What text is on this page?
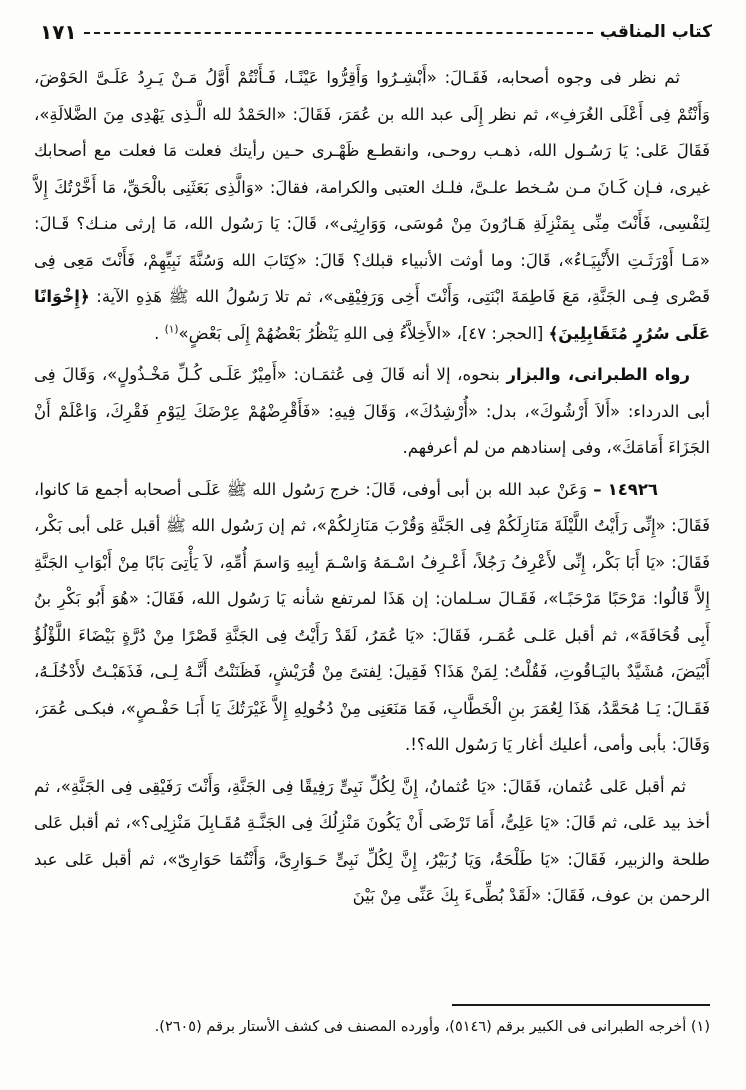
كتاب المناقب
١٧١

ثم نظر فى وجوه أصحابه، فَقَـالَ: «أَبْشِـرُوا وَأَقِرُّوا عَيْنًـا، فَـأَنْتُمْ أَوَّلُ مَـنْ يَـرِدُ عَلَـىَّ الحَوْضَ، وَأَنْتُمْ فِى أَعْلَى الغُرَفِ»، ثم نظر إِلَى عبد الله بن عُمَرَ، فَقَالَ: «الحَمْدُ لله الَّـذِى يَهْدِى مِنَ الضَّلالَةِ»، فَقَالَ عَلى: يَا رَسُـول الله، ذهـب روحـى، وانقطـع ظَهْـرى حـين رأيتك فعلت مَا فعلت مع أصحابك غيرى، فـإن كَـانَ مـن سُـخط علـىَّ، فلـك العتبى والكرامة، فقالَ: «وَالَّذِى بَعَثَنِى بالْحَقِّ، مَا أَخَّرْتُكَ إِلاَّ لِنَفْسِى، فَأَنْتَ مِنِّى بِمَنْزِلَةِ هَـارُونَ مِنْ مُوسَى، وَوَارِثِى»، قَالَ: يَا رَسُول الله، مَا إرثى منـك؟ قَـالَ: «مَـا أَوْرَثَـتِ الأَنْبِيَـاءُ»، قَالَ: وما أوثت الأنبياء قبلك؟ قَالَ: «كِتَابَ الله وَسُنَّةَ نَبِيِّهِمْ، فَأَنْتَ مَعِى فِى قَصْرى فِـى الجَنَّةِ، مَعَ فَاطِمَةَ ابْنَتِى، وَأَنْتَ أَخِى وَرَفِيْقِى»، ثم تلا رَسُولُ الله ﷺ هَذِهِ الآية: ﴿إِخْوَانًا عَلَى سُرُرٍ مُتَقَابِلِينَ﴾ [الحجر: ٤٧]، «الأَخِلاَّءُ فِى اللهِ يَنْظُرُ بَعْضُهُمْ إِلَى بَعْضٍ»$^{(١)}$ .

رواه الطبرانى، والبزار بنحوه، إلا أنه قَالَ فِى عُثمَـان: «أَمِيْرٌ عَلَـى كُـلِّ مَخْـذُولٍ»، وَقَالَ فِى أبى الدرداء: «أَلاَ أَرْشُوكَ»، بدل: «أُرْشِدُكَ»، وَقَالَ فِيهِ: «فَأَقْرِضْهُمْ عِرْضَكَ لِيَوْمِ فَقْرِكَ، وَاعْلَمْ أَنْ الجَزَاءَ أَمَامَكَ»، وفى إسنادهم من لم أعرفهم.

١٤٩٢٦ – وَعَنْ عبد الله بن أبى أوفى، قَالَ: خرج رَسُول الله ﷺ عَلَـى أصحابه أجمع مَا كانوا، فَقَالَ: «إِنِّى رَأَيْتُ اللَّيْلَةَ مَنَازِلَكُمْ فِى الجَنَّةِ وَقُرْبَ مَنَازِلكُمْ»، ثم إن رَسُول الله ﷺ أقبل عَلى أبى بَكْر، فَقَالَ: «يَا أَبَا بَكْر، إِنِّى لأَعْرِفُ رَجُلاً، أَعْـرِفُ اسْـمَهُ وَاسْـمَ أبِيهِ وَاسمَ أُمِّهِ، لاَ يَأْتِىَ بَابًا مِنْ أَبْوَابِ الجَنَّةِ إِلاَّ قَالُوا: مَرْحَبًا مَرْحَبًـا»، فَقَـالَ سـلمان: إن هَذَا لمرتفع شأنه يَا رَسُول الله، فَقَالَ: «هُوَ أَبُو بَكْرِ بنُ أَبِى قُحَافَةَ»، ثم أقبل عَلـى عُمَـر، فَقَالَ: «يَا عُمَرُ، لَقَدْ رَأَيْتُ فِى الجَنَّةِ قَصْرًا مِنْ دُرَّةٍ بَيْضَاءَ اللَّؤْلُؤُ أَبْيَضَ، مُشَيَّدٌ باليَـاقُوتِ، فَقُلْتُ: لِمَنْ هَذَا؟ فَقِيلَ: لِفتىً مِنْ قُرَيْشٍ، فَظَنَنْتُ أَنَّـهُ لِـى، فَذَهَبْـتُ لأَدْخُلَـهُ، فَقَـالَ: يَـا مُحَمَّدُ، هَذَا لِعُمَرَ بنِ الْخَطَّابِ، فَمَا مَنَعَنِى مِنْ دُخُولِهِ إِلاَّ غَيْرَتُكَ يَا أَبَـا حَفْـصٍ»، فبكـى عُمَرَ، وَقَالَ: بأبى وأمى، أعليك أغار يَا رَسُول الله؟!.

ثم أقبل عَلى عُثمان، فَقَالَ: «يَا عُثمانُ، إِنَّ لِكُلِّ نَبِىٍّ رَفِيقًا فِى الجَنَّةِ، وَأَنْتَ رَفَيْقِى فِى الجَنَّةِ»، ثم أخذ بيد عَلى، ثم قَالَ: «يَا عَلِىُّ، أَمَا تَرْضَى أَنْ يَكُونَ مَنْزِلُكَ فِى الجَنَّـةِ مُقَـابِلَ مَنْزِلِى؟»، ثم أقبل عَلى طلحة والزبير، فَقَالَ: «يَا طَلْحَةُ، وَيَا زُبَيْرُ، إِنَّ لِكُلِّ نَبِىٍّ حَـوَارِىَّ، وَأَنْتُمَا حَوَارِىّ»، ثم أقبل عَلى عبد الرحمن بن عوف، فَقَالَ: «لَقَدْ بُطِّىءَ بِكَ عَنِّى مِنْ بَيْنَ

(١) أخرجه الطبرانى فى الكبير برقم (٥١٤٦)، وأورده المصنف فى كشف الأستار برقم (٢٦٠٥).
